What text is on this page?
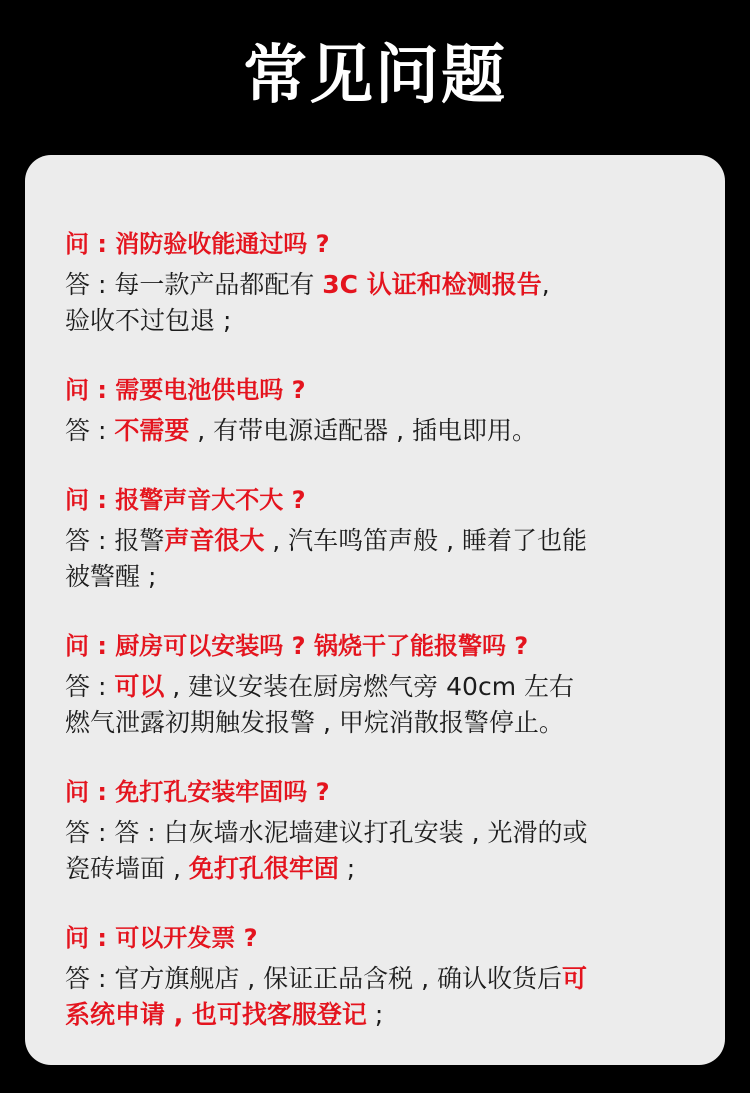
常见问题
问 : 消防验收能通过吗 ?
答 : 每一款产品都配有 3C 认证和检测报告,
验收不过包退 ;
问 : 需要电池供电吗 ?
答 : 不需要 , 有带电源适配器 , 插电即用。
问 : 报警声音大不大 ?
答 : 报警声音很大 , 汽车鸣笛声般 , 睡着了也能
被警醒 ;
问 : 厨房可以安装吗 ? 锅烧干了能报警吗 ?
答 : 可以 , 建议安装在厨房燃气旁 40cm 左右
燃气泄露初期触发报警 , 甲烷消散报警停止。
问 : 免打孔安装牢固吗 ?
答 : 答 : 白灰墙水泥墙建议打孔安装 , 光滑的或
瓷砖墙面 , 免打孔很牢固 ;
问 : 可以开发票 ?
答 : 官方旗舰店 , 保证正品含税 , 确认收货后可
系统申请 , 也可找客服登记 ;
